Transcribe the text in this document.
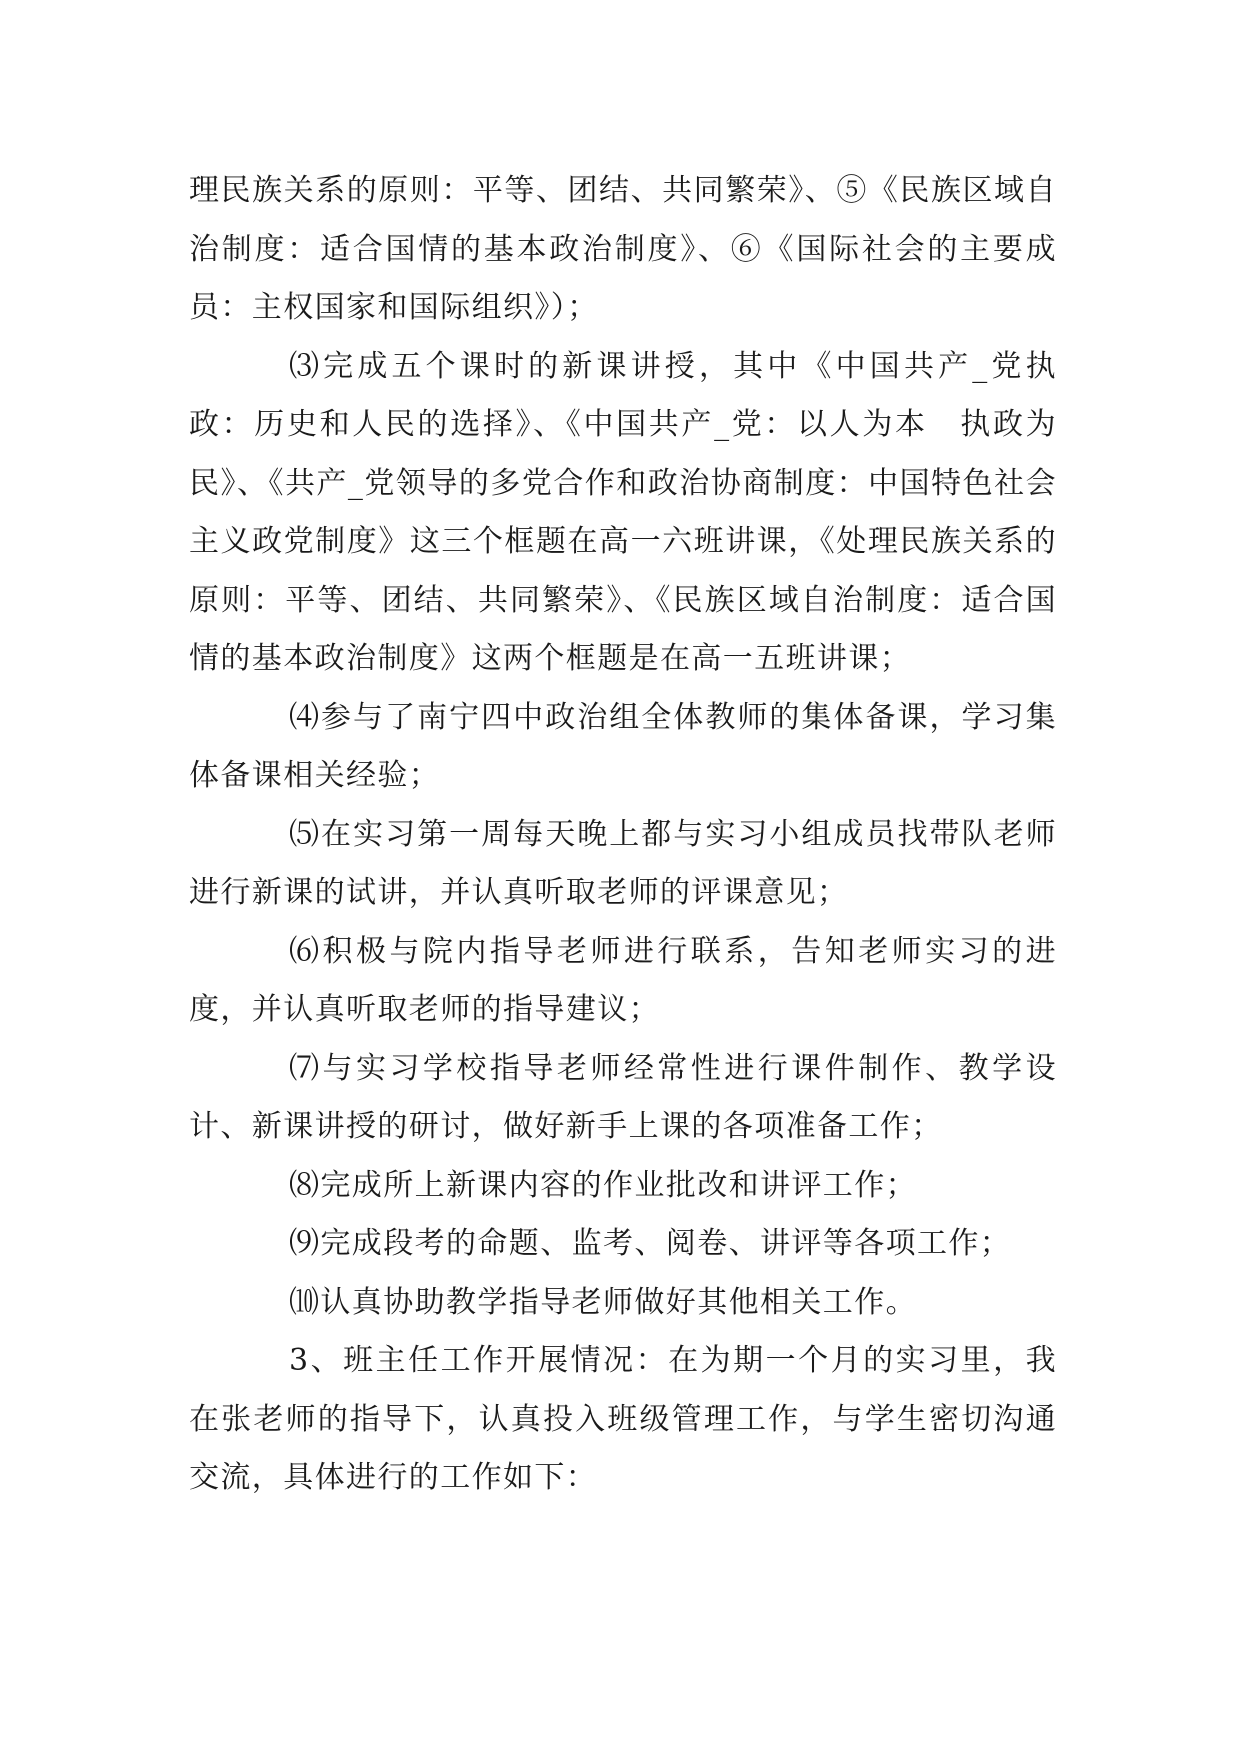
理民族关系的原则：平等、团结、共同繁荣》、⑤《民族区域自治制度：适合国情的基本政治制度》、⑥《国际社会的主要成员：主权国家和国际组织》）；

⑶完成五个课时的新课讲授，其中《中国共产_党执政：历史和人民的选择》、《中国共产_党：以人为本　执政为民》、《共产_党领导的多党合作和政治协商制度：中国特色社会主义政党制度》这三个框题在高一六班讲课，《处理民族关系的原则：平等、团结、共同繁荣》、《民族区域自治制度：适合国情的基本政治制度》这两个框题是在高一五班讲课；

⑷参与了南宁四中政治组全体教师的集体备课，学习集体备课相关经验；

⑸在实习第一周每天晚上都与实习小组成员找带队老师进行新课的试讲，并认真听取老师的评课意见；

⑹积极与院内指导老师进行联系，告知老师实习的进度，并认真听取老师的指导建议；

⑺与实习学校指导老师经常性进行课件制作、教学设计、新课讲授的研讨，做好新手上课的各项准备工作；

⑻完成所上新课内容的作业批改和讲评工作；

⑼完成段考的命题、监考、阅卷、讲评等各项工作；

⑽认真协助教学指导老师做好其他相关工作。

3、班主任工作开展情况：在为期一个月的实习里，我在张老师的指导下，认真投入班级管理工作，与学生密切沟通交流，具体进行的工作如下：
